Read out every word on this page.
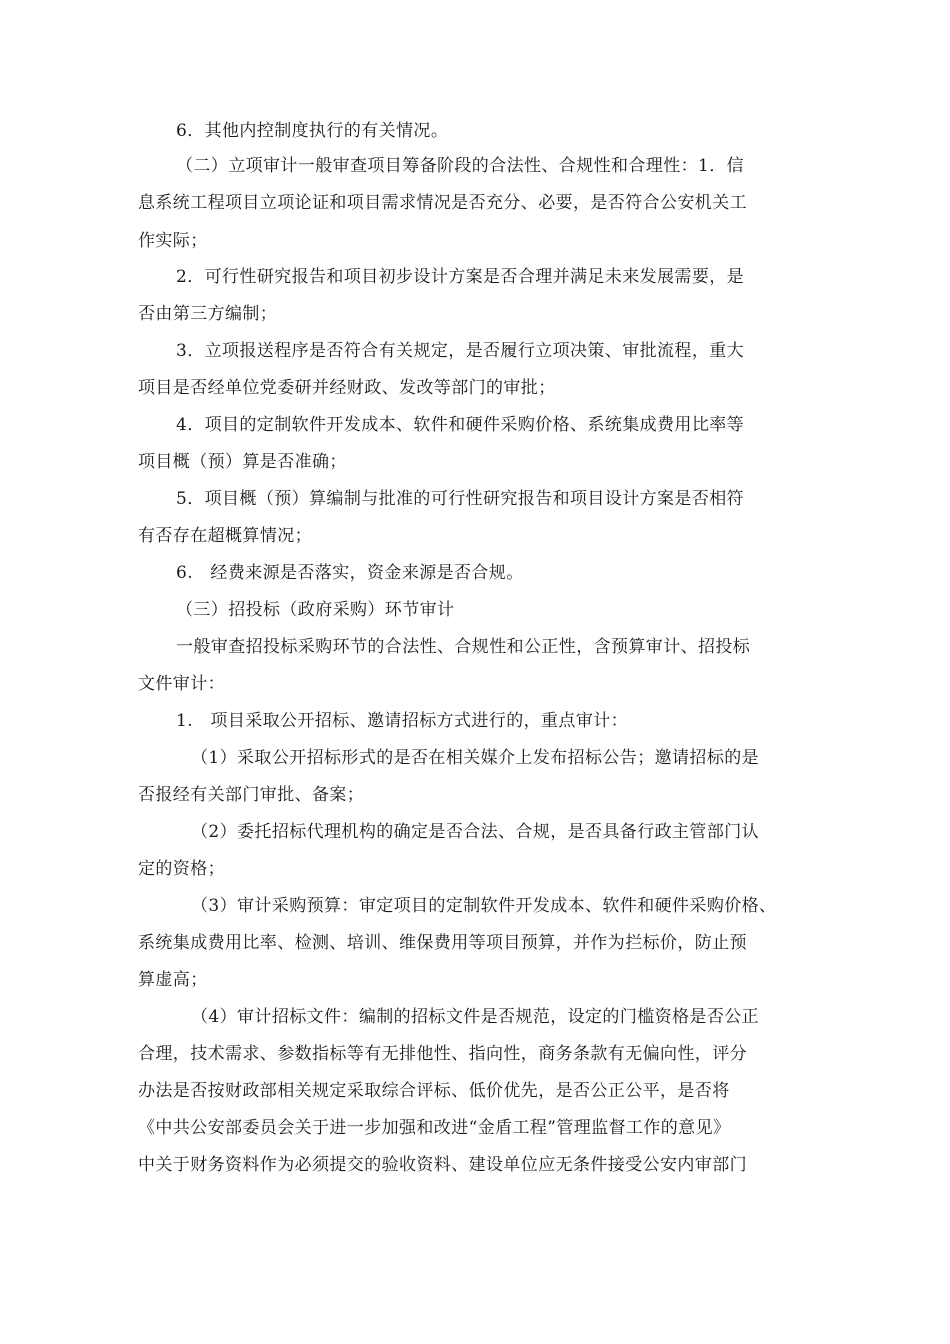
6．其他内控制度执行的有关情况。
（二）立项审计一般审查项目筹备阶段的合法性、合规性和合理性：1．信
息系统工程项目立项论证和项目需求情况是否充分、必要，是否符合公安机关工
作实际；
2．可行性研究报告和项目初步设计方案是否合理并满足未来发展需要，是
否由第三方编制；
3．立项报送程序是否符合有关规定，是否履行立项决策、审批流程，重大
项目是否经单位党委研并经财政、发改等部门的审批；
4．项目的定制软件开发成本、软件和硬件采购价格、系统集成费用比率等
项目概（预）算是否准确；
5．项目概（预）算编制与批准的可行性研究报告和项目设计方案是否相符
有否存在超概算情况；
6.　经费来源是否落实，资金来源是否合规。
（三）招投标（政府采购）环节审计
一般审查招投标采购环节的合法性、合规性和公正性，含预算审计、招投标
文件审计：
1.　项目采取公开招标、邀请招标方式进行的，重点审计：
（1）采取公开招标形式的是否在相关媒介上发布招标公告；邀请招标的是
否报经有关部门审批、备案；
（2）委托招标代理机构的确定是否合法、合规，是否具备行政主管部门认
定的资格；
（3）审计采购预算：审定项目的定制软件开发成本、软件和硬件采购价格、
系统集成费用比率、检测、培训、维保费用等项目预算，并作为拦标价，防止预
算虚高；
（4）审计招标文件：编制的招标文件是否规范，设定的门槛资格是否公正
合理，技术需求、参数指标等有无排他性、指向性，商务条款有无偏向性，评分
办法是否按财政部相关规定采取综合评标、低价优先，是否公正公平，是否将
《中共公安部委员会关于进一步加强和改进“金盾工程”管理监督工作的意见》
中关于财务资料作为必须提交的验收资料、建设单位应无条件接受公安内审部门
